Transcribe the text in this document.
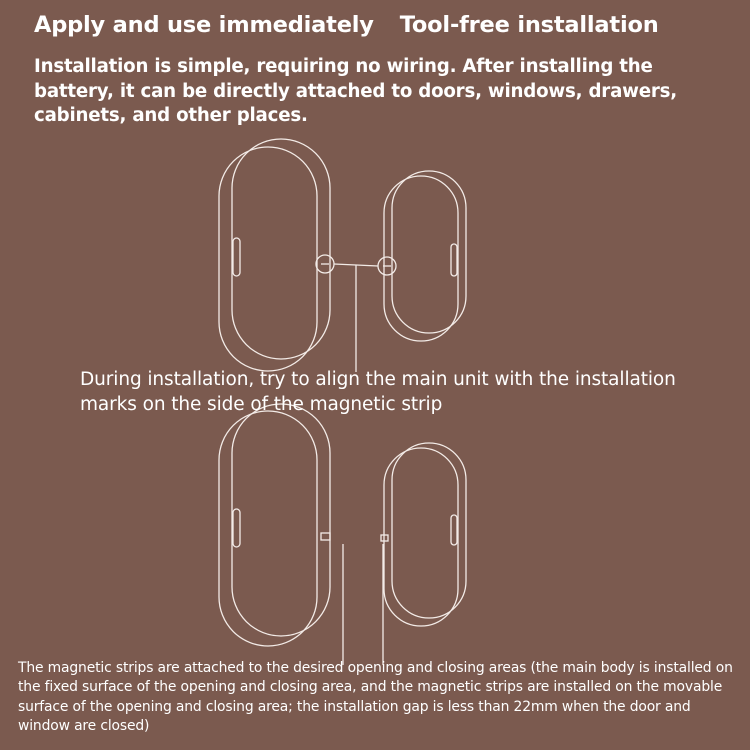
Apply and use immediately Tool-free installation
Installation is simple, requiring no wiring. After installing the battery, it can be directly attached to doors, windows, drawers, cabinets, and other places.
During installation, try to align the main unit with the installation marks on the side of the magnetic strip
The magnetic strips are attached to the desired opening and closing areas (the main body is installed on the fixed surface of the opening and closing area, and the magnetic strips are installed on the movable surface of the opening and closing area; the installation gap is less than 22mm when the door and window are closed)
